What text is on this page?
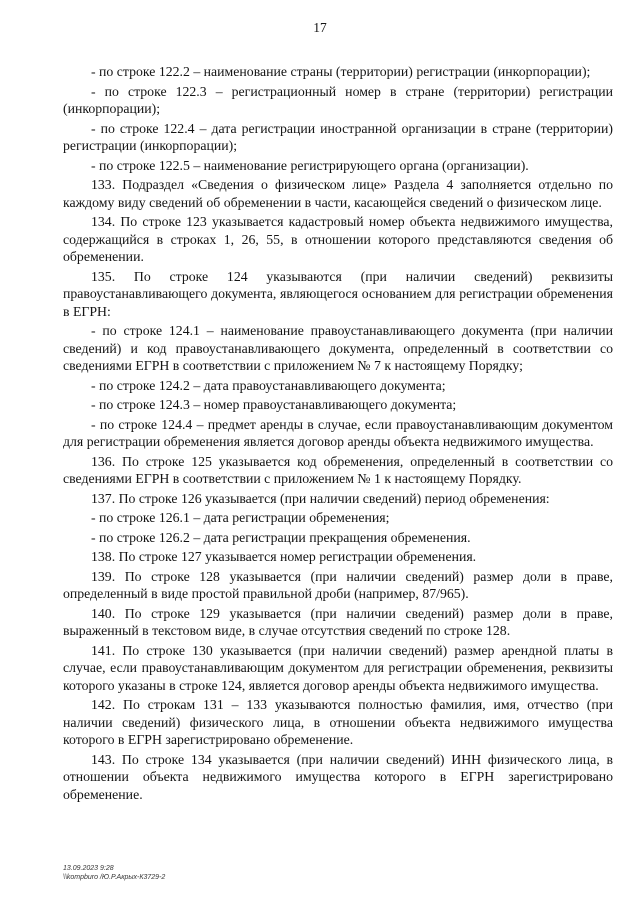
17

- по строке 122.2 – наименование страны (территории) регистрации (инкорпорации);

- по строке 122.3 – регистрационный номер в стране (территории) регистрации (инкорпорации);

- по строке 122.4 – дата регистрации иностранной организации в стране (территории) регистрации (инкорпорации);

- по строке 122.5 – наименование регистрирующего органа (организации).

133. Подраздел «Сведения о физическом лице» Раздела 4 заполняется отдельно по каждому виду сведений об обременении в части, касающейся сведений о физическом лице.

134. По строке 123 указывается кадастровый номер объекта недвижимого имущества, содержащийся в строках 1, 26, 55, в отношении которого представляются сведения об обременении.

135. По строке 124 указываются (при наличии сведений) реквизиты правоустанавливающего документа, являющегося основанием для регистрации обременения в ЕГРН:

- по строке 124.1 – наименование правоустанавливающего документа (при наличии сведений) и код правоустанавливающего документа, определенный в соответствии со сведениями ЕГРН в соответствии с приложением № 7 к настоящему Порядку;

- по строке 124.2 – дата правоустанавливающего документа;

- по строке 124.3 – номер правоустанавливающего документа;

- по строке 124.4 – предмет аренды в случае, если правоустанавливающим документом для регистрации обременения является договор аренды объекта недвижимого имущества.

136. По строке 125 указывается код обременения, определенный в соответствии со сведениями ЕГРН в соответствии с приложением № 1 к настоящему Порядку.

137. По строке 126 указывается (при наличии сведений) период обременения:

- по строке 126.1 – дата регистрации обременения;

- по строке 126.2 – дата регистрации прекращения обременения.

138. По строке 127 указывается номер регистрации обременения.

139. По строке 128 указывается (при наличии сведений) размер доли в праве, определенный в виде простой правильной дроби (например, 87/965).

140. По строке 129 указывается (при наличии сведений) размер доли в праве, выраженный в текстовом виде, в случае отсутствия сведений по строке 128.

141. По строке 130 указывается (при наличии сведений) размер арендной платы в случае, если правоустанавливающим документом для регистрации обременения, реквизиты которого указаны в строке 124, является договор аренды объекта недвижимого имущества.

142. По строкам 131 – 133 указываются полностью фамилия, имя, отчество (при наличии сведений) физического лица, в отношении объекта недвижимого имущества которого в ЕГРН зарегистрировано обременение.

143. По строке 134 указывается (при наличии сведений) ИНН физического лица, в отношении объекта недвижимого имущества которого в ЕГРН зарегистрировано обременение.

13.09.2023 9:28
\\kompburo /Ю.Р.Акрых-К3729-2
